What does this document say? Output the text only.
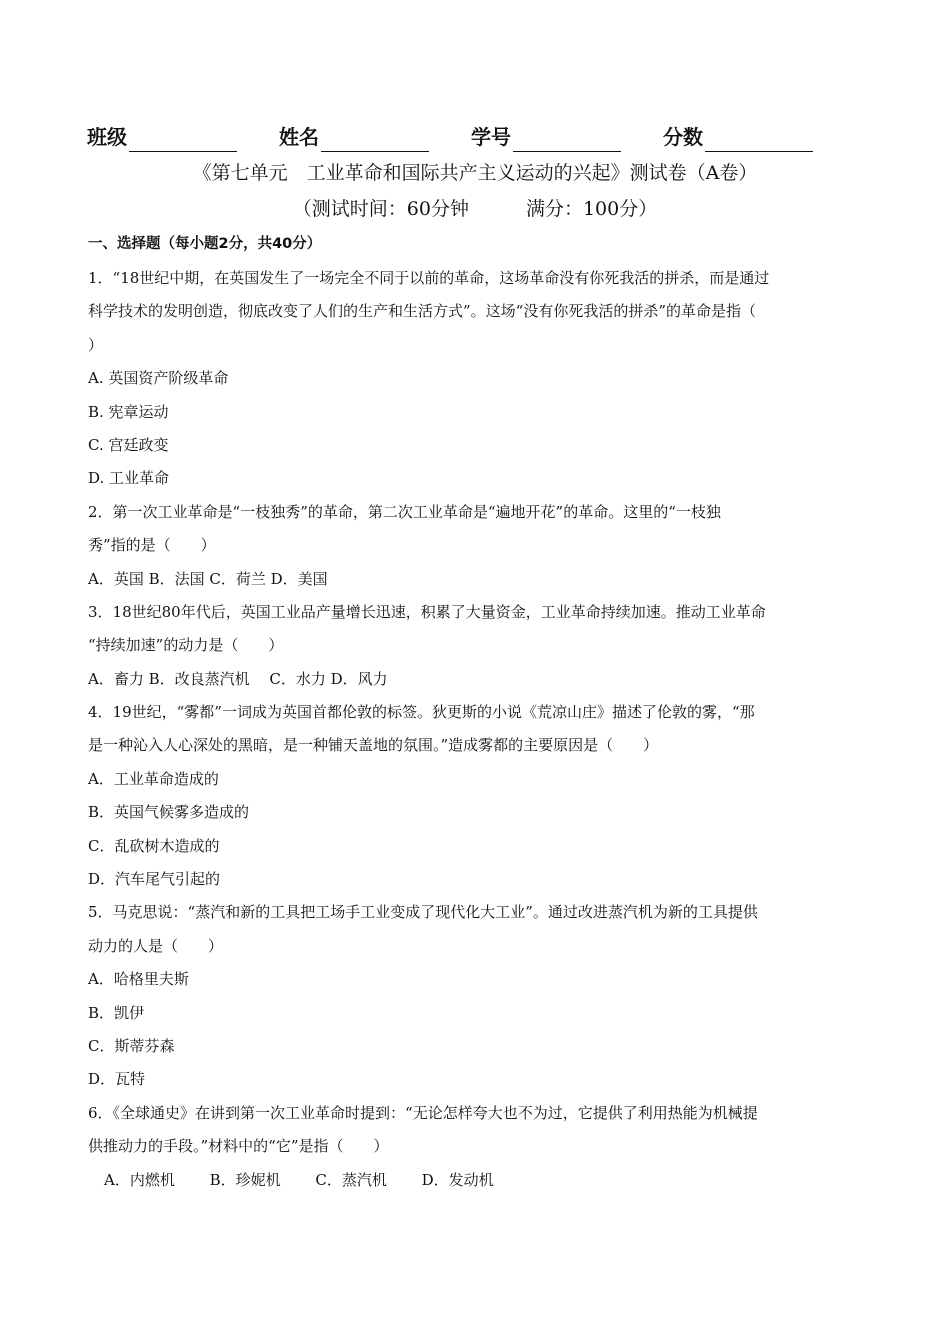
班级	姓名	学号	分数
《第七单元　工业革命和国际共产主义运动的兴起》测试卷（A卷）
（测试时间：60分钟　　　满分：100分）
一、选择题（每小题2分，共40分）
1．“18世纪中期，在英国发生了一场完全不同于以前的革命，这场革命没有你死我活的拼杀，而是通过
科学技术的发明创造，彻底改变了人们的生产和生活方式”。这场“没有你死我活的拼杀”的革命是指（
）
A. 英国资产阶级革命
B. 宪章运动
C. 宫廷政变
D. 工业革命
2．第一次工业革命是“一枝独秀”的革命，第二次工业革命是“遍地开花”的革命。这里的“一枝独
秀”指的是（　　）
A．英国 B．法国 C．荷兰 D．美国
3．18世纪80年代后，英国工业品产量增长迅速，积累了大量资金，工业革命持续加速。推动工业革命
“持续加速”的动力是（　　）
A．畜力 B．改良蒸汽机　 C．水力 D．风力
4．19世纪，“雾都”一词成为英国首都伦敦的标签。狄更斯的小说《荒凉山庄》描述了伦敦的雾，“那
是一种沁入人心深处的黑暗，是一种铺天盖地的氛围。”造成雾都的主要原因是（　　）
A．工业革命造成的
B．英国气候雾多造成的
C．乱砍树木造成的
D．汽车尾气引起的
5．马克思说：“蒸汽和新的工具把工场手工业变成了现代化大工业”。通过改进蒸汽机为新的工具提供
动力的人是（　　）
A．哈格里夫斯
B．凯伊
C．斯蒂芬森
D．瓦特
6．《全球通史》在讲到第一次工业革命时提到：“无论怎样夸大也不为过，它提供了利用热能为机械提
供推动力的手段。”材料中的“它”是指（　　）
A．内燃机　　 B．珍妮机　　 C．蒸汽机　　 D．发动机
